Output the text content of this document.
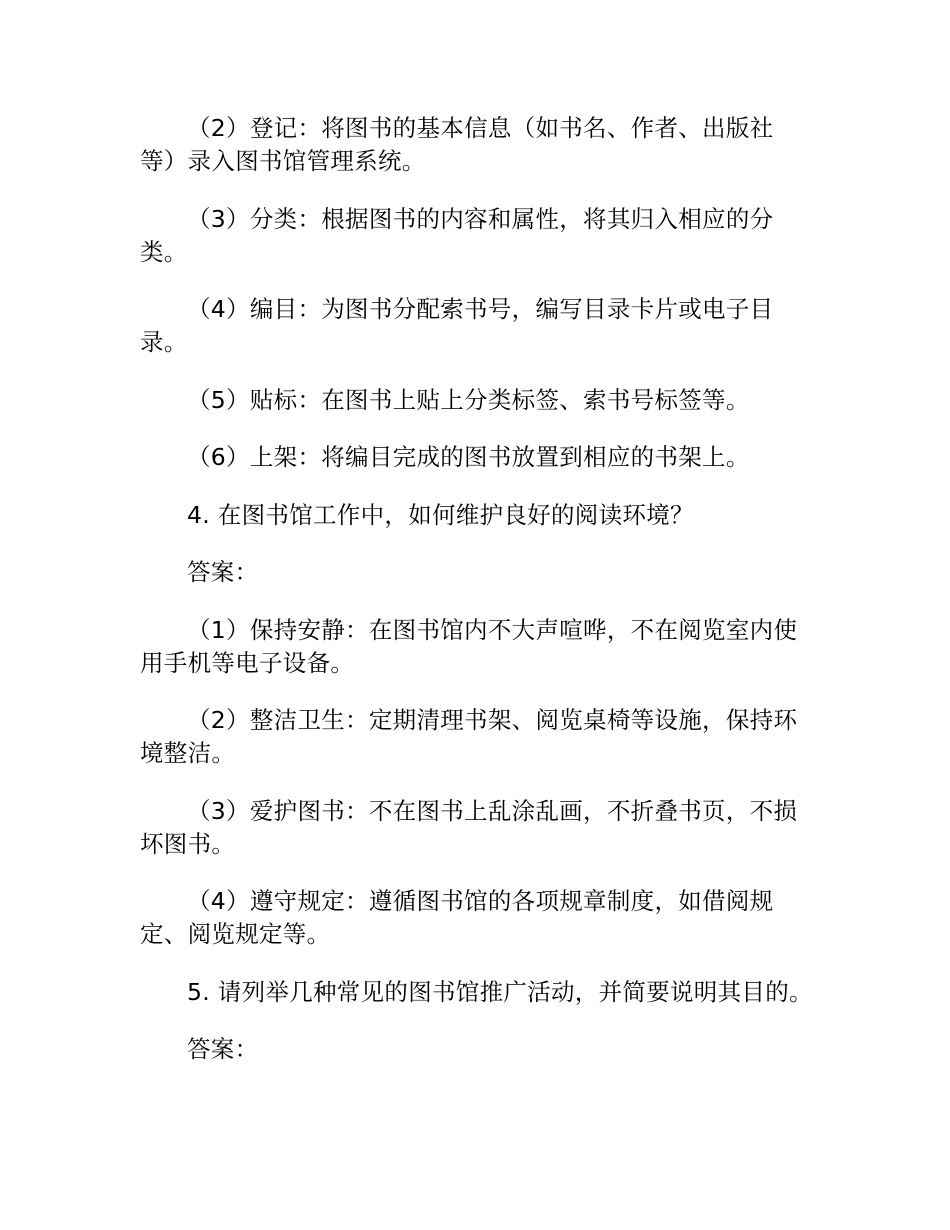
（2）登记：将图书的基本信息（如书名、作者、出版社等）录入图书馆管理系统。

（3）分类：根据图书的内容和属性，将其归入相应的分类。

（4）编目：为图书分配索书号，编写目录卡片或电子目录。

（5）贴标：在图书上贴上分类标签、索书号标签等。

（6）上架：将编目完成的图书放置到相应的书架上。

4. 在图书馆工作中，如何维护良好的阅读环境？

答案：

（1）保持安静：在图书馆内不大声喧哗，不在阅览室内使用手机等电子设备。

（2）整洁卫生：定期清理书架、阅览桌椅等设施，保持环境整洁。

（3）爱护图书：不在图书上乱涂乱画，不折叠书页，不损坏图书。

（4）遵守规定：遵循图书馆的各项规章制度，如借阅规定、阅览规定等。

5. 请列举几种常见的图书馆推广活动，并简要说明其目的。

答案：
